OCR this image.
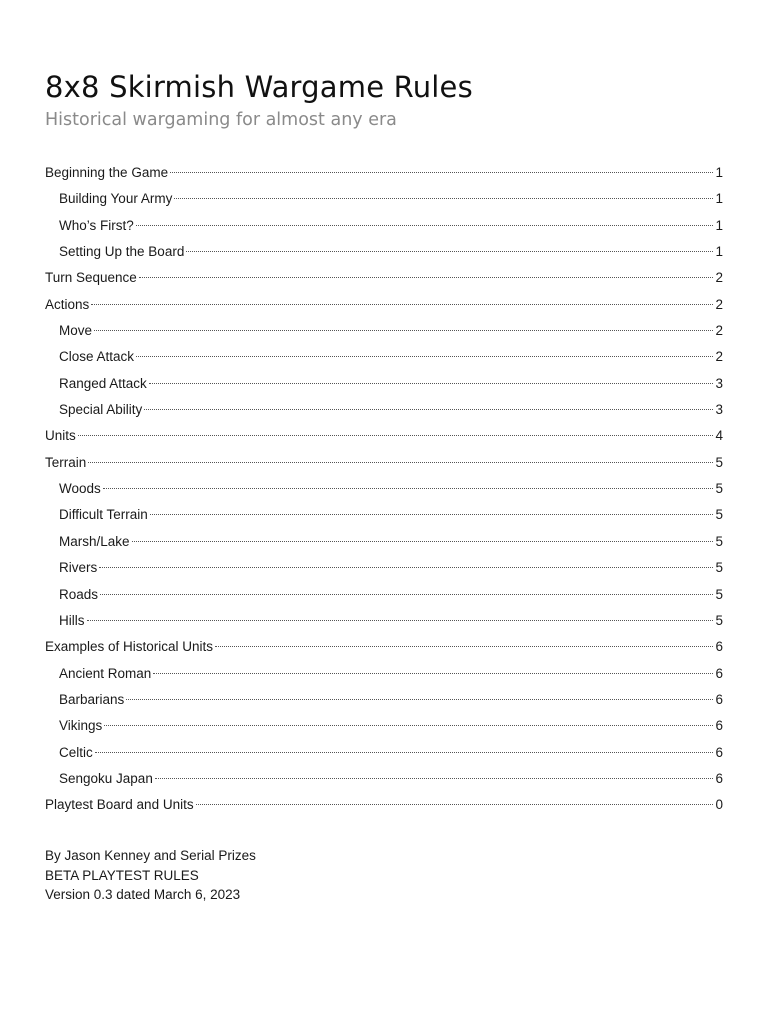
8x8 Skirmish Wargame Rules
Historical wargaming for almost any era
Beginning the Game	1
Building Your Army	1
Who’s First?	1
Setting Up the Board	1
Turn Sequence	2
Actions	2
Move	2
Close Attack	2
Ranged Attack	3
Special Ability	3
Units	4
Terrain	5
Woods	5
Difficult Terrain	5
Marsh/Lake	5
Rivers	5
Roads	5
Hills	5
Examples of Historical Units	6
Ancient Roman	6
Barbarians	6
Vikings	6
Celtic	6
Sengoku Japan	6
Playtest Board and Units	0
By Jason Kenney and Serial Prizes
BETA PLAYTEST RULES
Version 0.3 dated March 6, 2023
